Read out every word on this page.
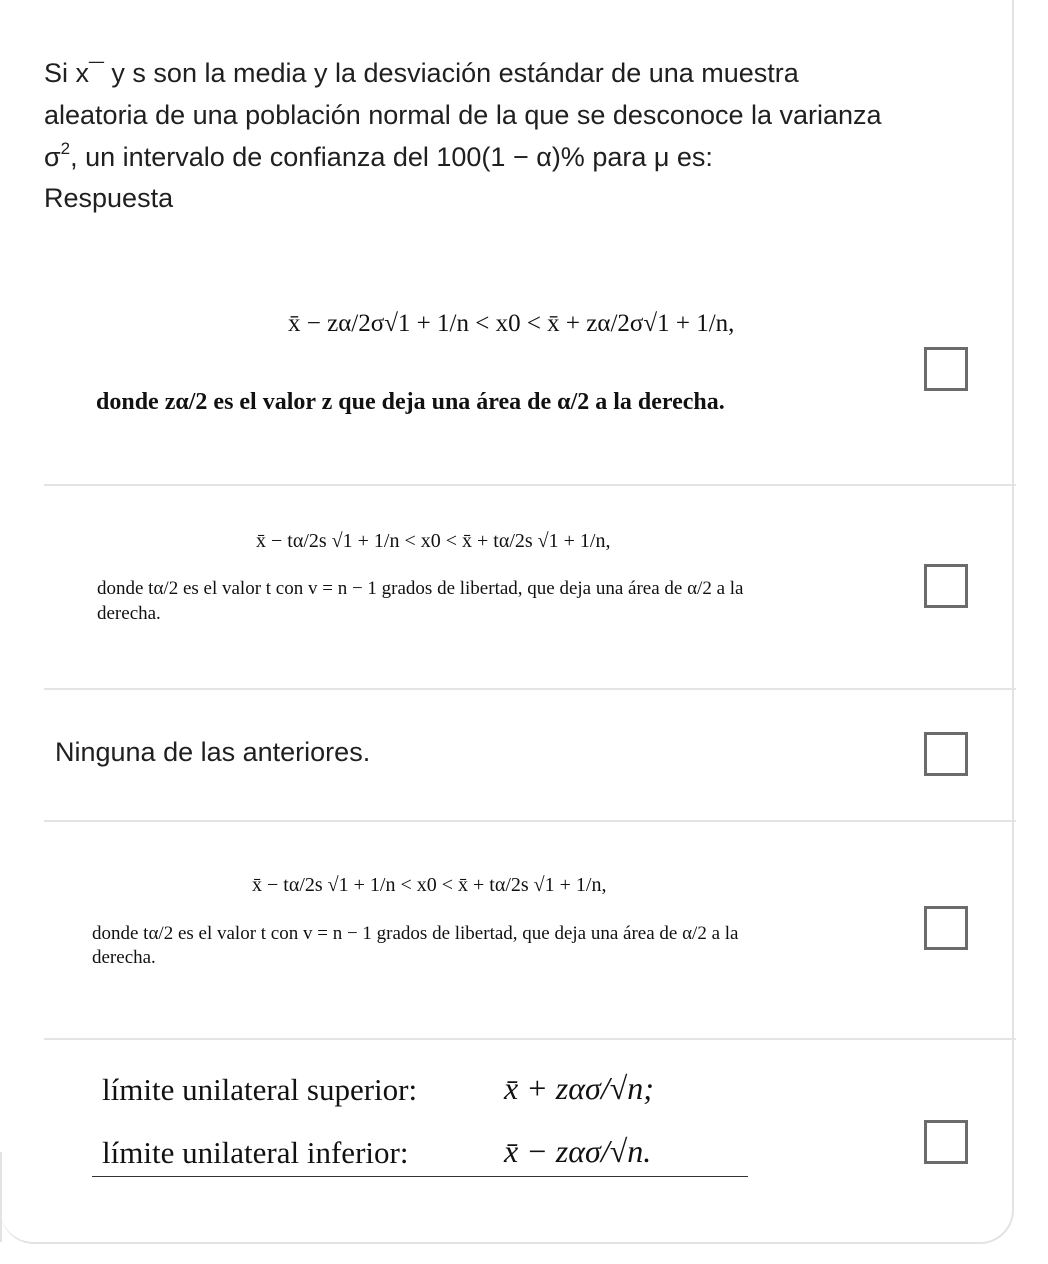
Si x¯ y s son la media y la desviación estándar de una muestra
aleatoria de una población normal de la que se desconoce la varianza
$\sigma^2$, un intervalo de confianza del 100(1 − α)% para μ es:
Respuesta
x̄ − zα/2σ√1 + 1/n < x0 < x̄ + zα/2σ√1 + 1/n,
donde zα/2 es el valor z que deja una área de α/2 a la derecha.
x̄ − tα/2s √1 + 1/n < x0 < x̄ + tα/2s √1 + 1/n,
donde tα/2 es el valor t con v = n − 1 grados de libertad, que deja una área de α/2 a la
derecha.
Ninguna de las anteriores.
x̄ − tα/2s √1 + 1/n < x0 < x̄ + tα/2s √1 + 1/n,
donde tα/2 es el valor t con v = n − 1 grados de libertad, que deja una área de α/2 a la
derecha.
límite unilateral superior:	x̄ + zασ/√n;
límite unilateral inferior:	x̄ − zασ/√n.
